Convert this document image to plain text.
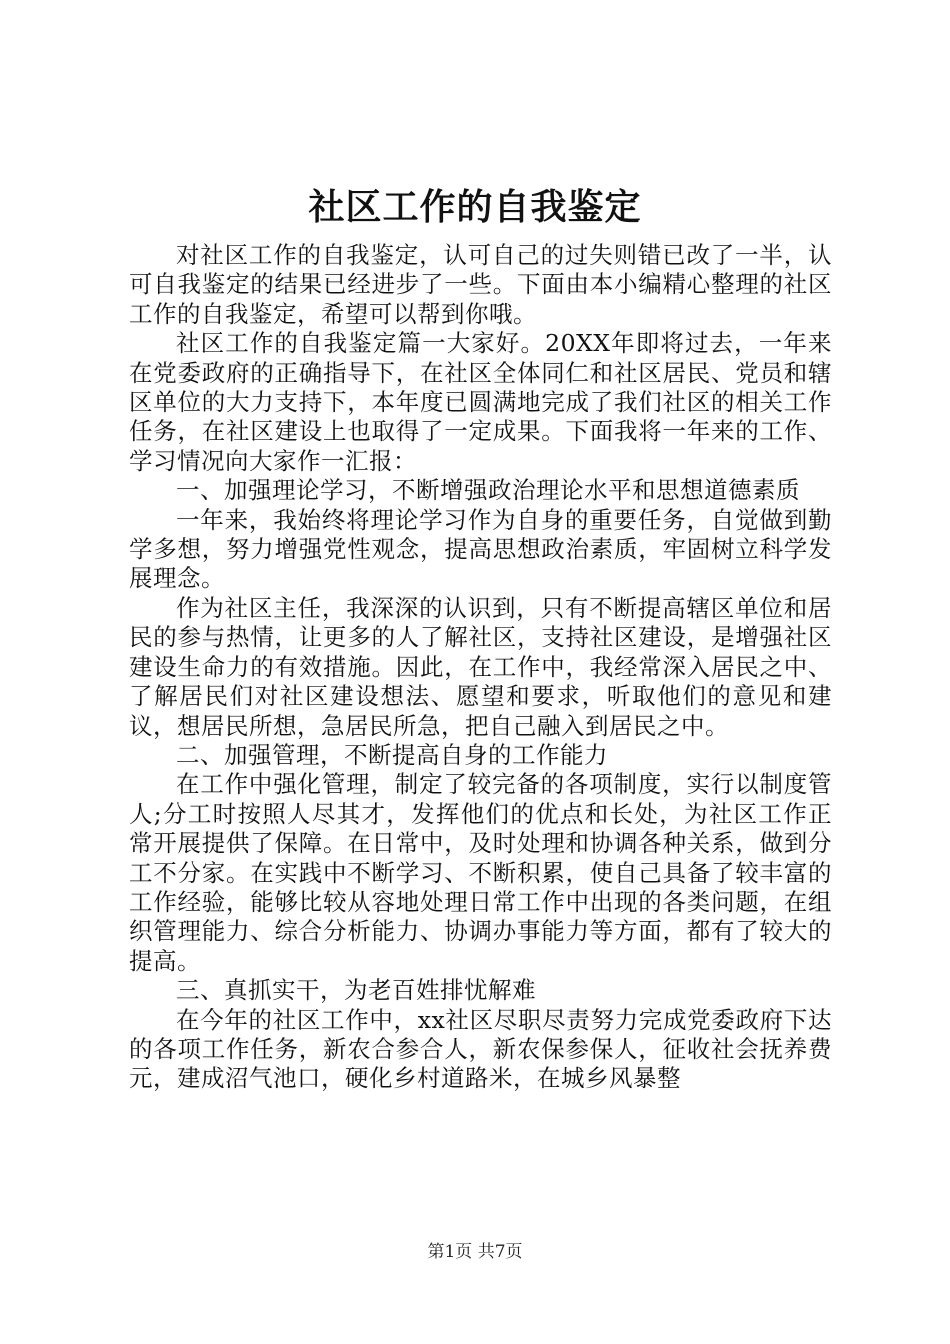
社区工作的自我鉴定

对社区工作的自我鉴定，认可自己的过失则错已改了一半，认可自我鉴定的结果已经进步了一些。下面由本小编精心整理的社区工作的自我鉴定，希望可以帮到你哦。

社区工作的自我鉴定篇一大家好。20XX年即将过去，一年来在党委政府的正确指导下，在社区全体同仁和社区居民、党员和辖区单位的大力支持下，本年度已圆满地完成了我们社区的相关工作任务，在社区建设上也取得了一定成果。下面我将一年来的工作、学习情况向大家作一汇报：

一、加强理论学习，不断增强政治理论水平和思想道德素质

一年来，我始终将理论学习作为自身的重要任务，自觉做到勤学多想，努力增强党性观念，提高思想政治素质，牢固树立科学发展理念。

作为社区主任，我深深的认识到，只有不断提高辖区单位和居民的参与热情，让更多的人了解社区，支持社区建设，是增强社区建设生命力的有效措施。因此，在工作中，我经常深入居民之中、了解居民们对社区建设想法、愿望和要求，听取他们的意见和建议，想居民所想，急居民所急，把自己融入到居民之中。

二、加强管理，不断提高自身的工作能力

在工作中强化管理，制定了较完备的各项制度，实行以制度管人;分工时按照人尽其才，发挥他们的优点和长处，为社区工作正常开展提供了保障。在日常中，及时处理和协调各种关系，做到分工不分家。在实践中不断学习、不断积累，使自己具备了较丰富的工作经验，能够比较从容地处理日常工作中出现的各类问题，在组织管理能力、综合分析能力、协调办事能力等方面，都有了较大的提高。

三、真抓实干，为老百姓排忧解难

在今年的社区工作中，xx社区尽职尽责努力完成党委政府下达的各项工作任务，新农合参合人，新农保参保人，征收社会抚养费元，建成沼气池口，硬化乡村道路米，在城乡风暴整

第1页 共7页
